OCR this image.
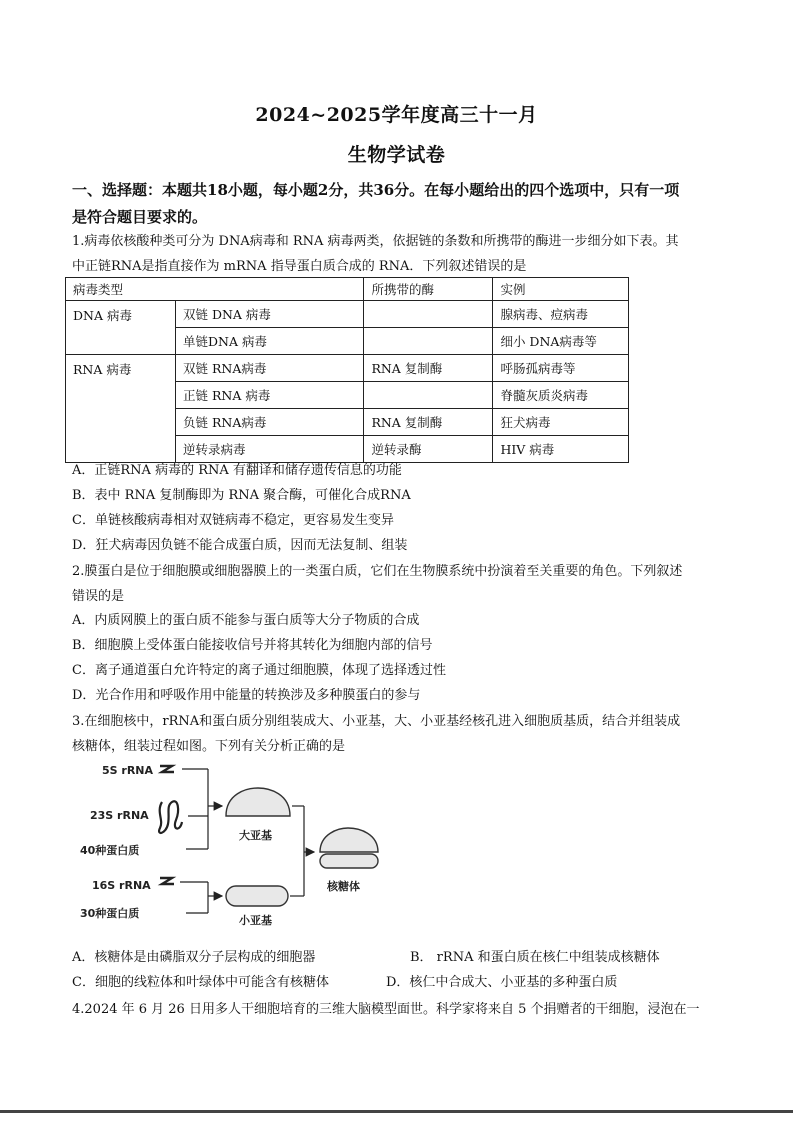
2024~2025学年度高三十一月
生物学试卷
一、选择题：本题共18小题，每小题2分，共36分。在每小题给出的四个选项中，只有一项
是符合题目要求的。
1.病毒依核酸种类可分为 DNA病毒和 RNA 病毒两类，依据链的条数和所携带的酶进一步细分如下表。其
中正链RNA是指直接作为 mRNA 指导蛋白质合成的 RNA．下列叙述错误的是
病毒类型		所携带的酶	实例
DNA 病毒	双链 DNA 病毒		腺病毒、痘病毒
	单链DNA 病毒		细小 DNA病毒等
RNA 病毒	双链 RNA病毒	RNA 复制酶	呼肠孤病毒等
	正链 RNA 病毒		脊髓灰质炎病毒
	负链 RNA病毒	RNA 复制酶	狂犬病毒
	逆转录病毒	逆转录酶	HIV 病毒
A．正链RNA 病毒的 RNA 有翻译和储存遗传信息的功能
B．表中 RNA 复制酶即为 RNA 聚合酶，可催化合成RNA
C．单链核酸病毒相对双链病毒不稳定，更容易发生变异
D．狂犬病毒因负链不能合成蛋白质，因而无法复制、组装
2.膜蛋白是位于细胞膜或细胞器膜上的一类蛋白质，它们在生物膜系统中扮演着至关重要的角色。下列叙述
错误的是
A．内质网膜上的蛋白质不能参与蛋白质等大分子物质的合成
B．细胞膜上受体蛋白能接收信号并将其转化为细胞内部的信号
C．离子通道蛋白允许特定的离子通过细胞膜，体现了选择透过性
D．光合作用和呼吸作用中能量的转换涉及多种膜蛋白的参与
3.在细胞核中，rRNA和蛋白质分别组装成大、小亚基，大、小亚基经核孔进入细胞质基质，结合并组装成
核糖体，组装过程如图。下列有关分析正确的是
5S rRNA
23S rRNA
40种蛋白质
16S rRNA
30种蛋白质
大亚基
小亚基
核糖体
A．核糖体是由磷脂双分子层构成的细胞器	B． rRNA 和蛋白质在核仁中组装成核糖体
C．细胞的线粒体和叶绿体中可能含有核糖体	D．核仁中合成大、小亚基的多种蛋白质
4.2024 年 6 月 26 日用多人干细胞培育的三维大脑模型面世。科学家将来自 5 个捐赠者的干细胞，浸泡在一
